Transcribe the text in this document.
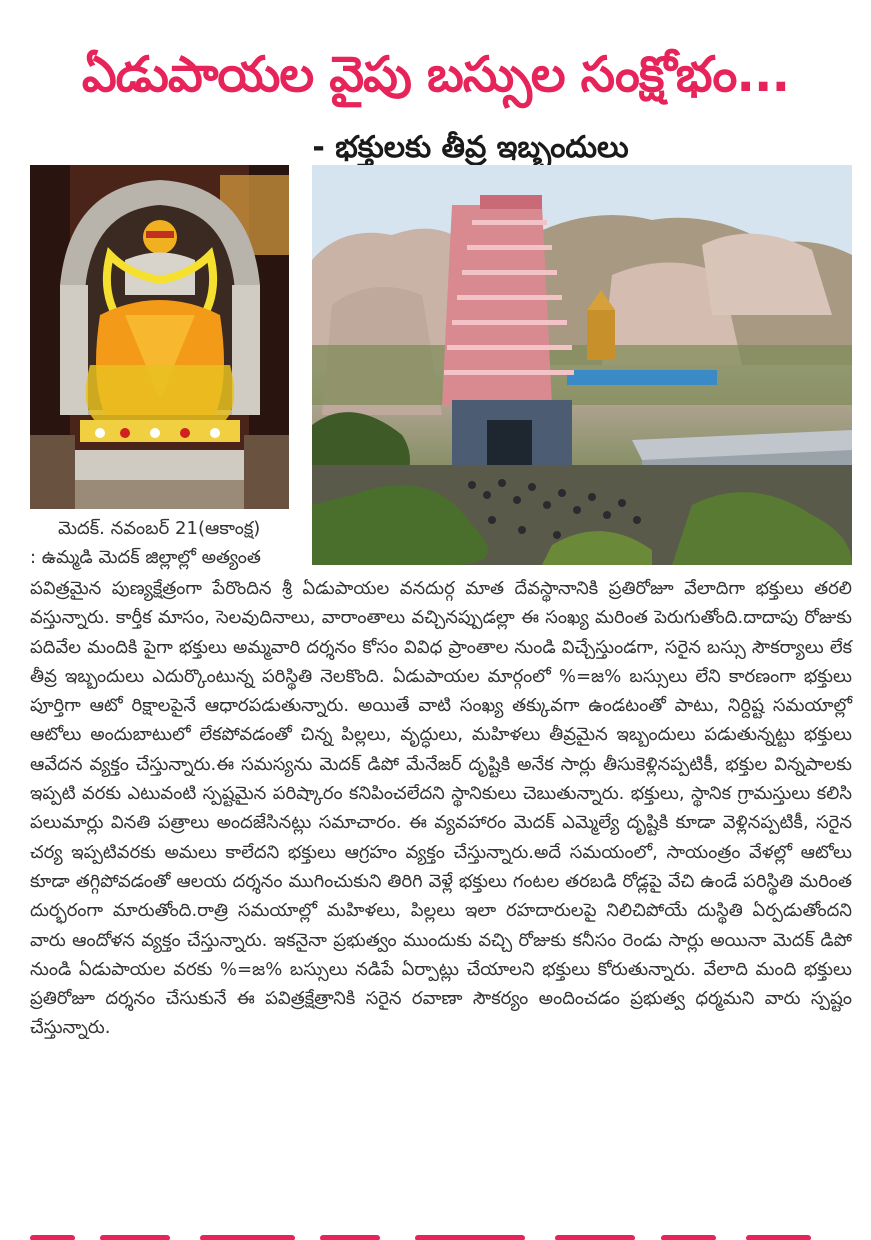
ఏడుపాయల వైపు బస్సుల సంక్షోభం...
- భక్తులకు తీవ్ర ఇబ్బందులు
మెదక్. నవంబర్ 21(ఆకాంక్ష)
: ఉమ్మడి మెదక్ జిల్లాల్లో అత్యంత
పవిత్రమైన పుణ్యక్షేత్రంగా పేరొందిన శ్రీ ఏడుపాయల వనదుర్గ మాత దేవస్థానానికి ప్రతిరోజూ వేలాదిగా భక్తులు తరలి వస్తున్నారు. కార్తీక మాసం, సెలవుదినాలు, వారాంతాలు వచ్చినప్పుడల్లా ఈ సంఖ్య మరింత పెరుగుతోంది.దాదాపు రోజుకు పదివేల మందికి పైగా భక్తులు అమ్మవారి దర్శనం కోసం వివిధ ప్రాంతాల నుండి విచ్చేస్తుండగా, సరైన బస్సు సౌకర్యాలు లేక తీవ్ర ఇబ్బందులు ఎదుర్కొంటున్న పరిస్థితి నెలకొంది. ఏడుపాయల మార్గంలో %=జ% బస్సులు లేని కారణంగా భక్తులు పూర్తిగా ఆటో రిక్షాలపైనే ఆధారపడుతున్నారు. అయితే వాటి సంఖ్య తక్కువగా ఉండటంతో పాటు, నిర్దిష్ట సమయాల్లో ఆటోలు అందుబాటులో లేకపోవడంతో చిన్న పిల్లలు, వృద్ధులు, మహిళలు తీవ్రమైన ఇబ్బందులు పడుతున్నట్టు భక్తులు ఆవేదన వ్యక్తం చేస్తున్నారు.ఈ సమస్యను మెదక్ డిపో మేనేజర్ దృష్టికి అనేక సార్లు తీసుకెళ్లినప్పటికీ, భక్తుల విన్నపాలకు ఇప్పటి వరకు ఎటువంటి స్పష్టమైన పరిష్కారం కనిపించలేదని స్థానికులు చెబుతున్నారు. భక్తులు, స్థానిక గ్రామస్తులు కలిసి పలుమార్లు వినతి పత్రాలు అందజేసినట్లు సమాచారం. ఈ వ్యవహారం మెదక్ ఎమ్మెల్యే దృష్టికి కూడా వెళ్లినప్పటికీ, సరైన చర్య ఇప్పటివరకు అమలు కాలేదని భక్తులు ఆగ్రహం వ్యక్తం చేస్తున్నారు.అదే సమయంలో, సాయంత్రం వేళల్లో ఆటోలు కూడా తగ్గిపోవడంతో ఆలయ దర్శనం ముగించుకుని తిరిగి వెళ్లే భక్తులు గంటల తరబడి రోడ్లపై వేచి ఉండే పరిస్థితి మరింత దుర్భరంగా మారుతోంది.రాత్రి సమయాల్లో మహిళలు, పిల్లలు ఇలా రహదారులపై నిలిచిపోయే దుస్థితి ఏర్పడుతోందని వారు ఆందోళన వ్యక్తం చేస్తున్నారు. ఇకనైనా ప్రభుత్వం ముందుకు వచ్చి రోజుకు కనీసం రెండు సార్లు అయినా మెదక్ డిపో నుండి ఏడుపాయల వరకు %=జ% బస్సులు నడిపే ఏర్పాట్లు చేయాలని భక్తులు కోరుతున్నారు. వేలాది మంది భక్తులు ప్రతిరోజూ దర్శనం చేసుకునే ఈ పవిత్రక్షేత్రానికి సరైన రవాణా సౌకర్యం అందించడం ప్రభుత్వ ధర్మమని వారు స్పష్టం చేస్తున్నారు.
